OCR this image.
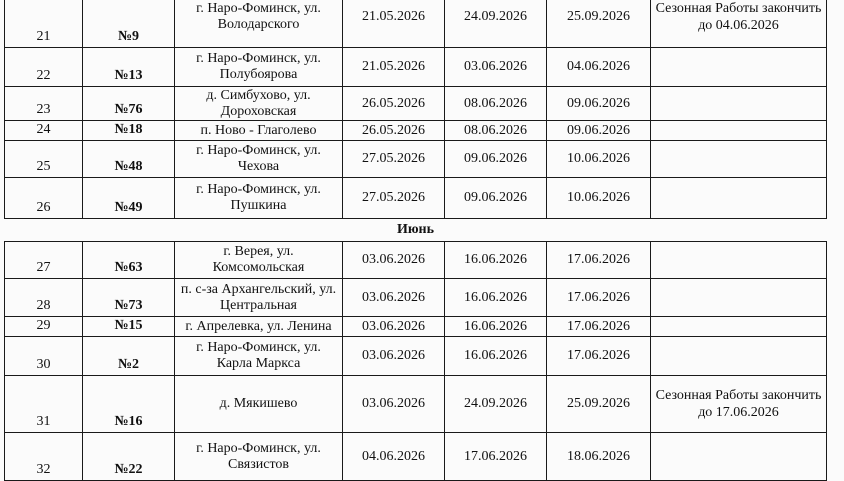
21	№9	г. Наро-Фоминск, ул. Володарского	21.05.2026	24.09.2026	25.09.2026	Сезонная Работы закончить до 04.06.2026
22	№13	г. Наро-Фоминск, ул. Полубоярова	21.05.2026	03.06.2026	04.06.2026	
23	№76	д. Симбухово, ул. Дороховская	26.05.2026	08.06.2026	09.06.2026	
24	№18	п. Ново - Глаголево	26.05.2026	08.06.2026	09.06.2026	
25	№48	г. Наро-Фоминск, ул. Чехова	27.05.2026	09.06.2026	10.06.2026	
26	№49	г. Наро-Фоминск, ул. Пушкина	27.05.2026	09.06.2026	10.06.2026	
Июнь						
27	№63	г. Верея, ул. Комсомольская	03.06.2026	16.06.2026	17.06.2026	
28	№73	п. с-за Архангельский, ул. Центральная	03.06.2026	16.06.2026	17.06.2026	
29	№15	г. Апрелевка, ул. Ленина	03.06.2026	16.06.2026	17.06.2026	
30	№2	г. Наро-Фоминск, ул. Карла Маркса	03.06.2026	16.06.2026	17.06.2026	
31	№16	д. Мякишево	03.06.2026	24.09.2026	25.09.2026	Сезонная Работы закончить до 17.06.2026
32	№22	г. Наро-Фоминск, ул. Связистов	04.06.2026	17.06.2026	18.06.2026	
